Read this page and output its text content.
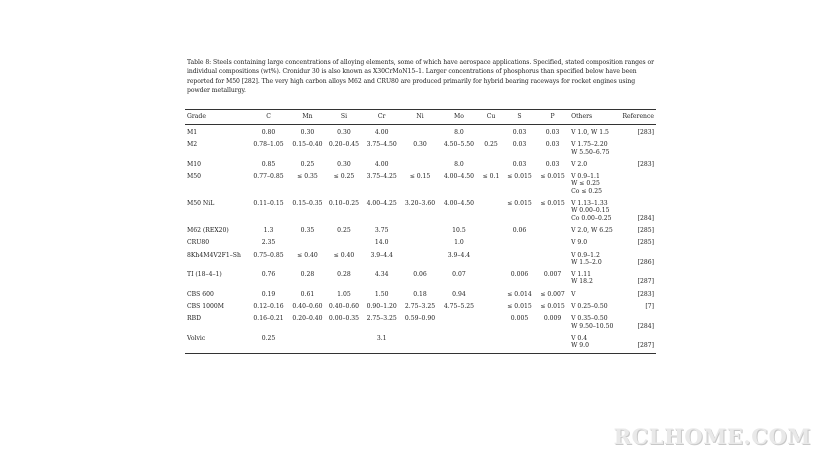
Table 8: Steels containing large concentrations of alloying elements, some of which have aerospace applications. Specified, stated composition ranges or individual compositions (wt%). Cronidur 30 is also known as X30CrMoN15–1. Larger concentrations of phosphorus than specified below have been reported for M50 [282]. The very high carbon alloys M62 and CRU80 are produced primarily for hybrid bearing raceways for rocket engines using powder metallurgy.
Grade	C	Mn	Si	Cr	Ni	Mo	Cu	S	P	Others	Reference
M1	0.80	0.30	0.30	4.00		8.0		0.03	0.03	V 1.0, W 1.5	[283]
M2	0.78–1.05	0.15–0.40	0.20–0.45	3.75–4.50	0.30	4.50–5.50	0.25	0.03	0.03	V 1.75–2.20
W 5.50–6.75	

M10	0.85	0.25	0.30	4.00		8.0		0.03	0.03	V 2.0	[283]
M50	0.77–0.85	≤ 0.35	≤ 0.25	3.75–4.25	≤ 0.15	4.00–4.50	≤ 0.1	≤ 0.015	≤ 0.015	V 0.9–1.1
W ≤ 0.25
Co ≤ 0.25	

M50 NiL	0.11–0.15	0.15–0.35	0.10–0.25	4.00–4.25	3.20–3.60	4.00–4.50		≤ 0.015	≤ 0.015	V 1.13–1.33
W 0.00–0.15
Co 0.00–0.25	[284]
M62 (REX20)	1.3	0.35	0.25	3.75		10.5		0.06		V 2.0, W 6.25	[285]
CRU80	2.35			14.0		1.0				V 9.0	[285]
8Kh4M4V2F1–Sh	0.75–0.85	≤ 0.40	≤ 0.40	3.9–4.4		3.9–4.4				V 0.9–1.2
W 1.5–2.0	[286]
TI (18–4–1)	0.76	0.28	0.28	4.34	0.06	0.07		0.006	0.007	V 1.11
W 18.2	[287]
CBS 600	0.19	0.61	1.05	1.50	0.18	0.94		≤ 0.014	≤ 0.007	V	[283]
CBS 1000M	0.12–0.16	0.40–0.60	0.40–0.60	0.90–1.20	2.75–3.25	4.75–5.25		≤ 0.015	≤ 0.015	V 0.25–0.50	[7]
RBD	0.16–0.21	0.20–0.40	0.00–0.35	2.75–3.25	0.59–0.90			0.005	0.009	V 0.35–0.50
W 9.50–10.50	[284]
Volvic	0.25			3.1						V 0.4
W 9.0	[287]
RCLHOME.COM
